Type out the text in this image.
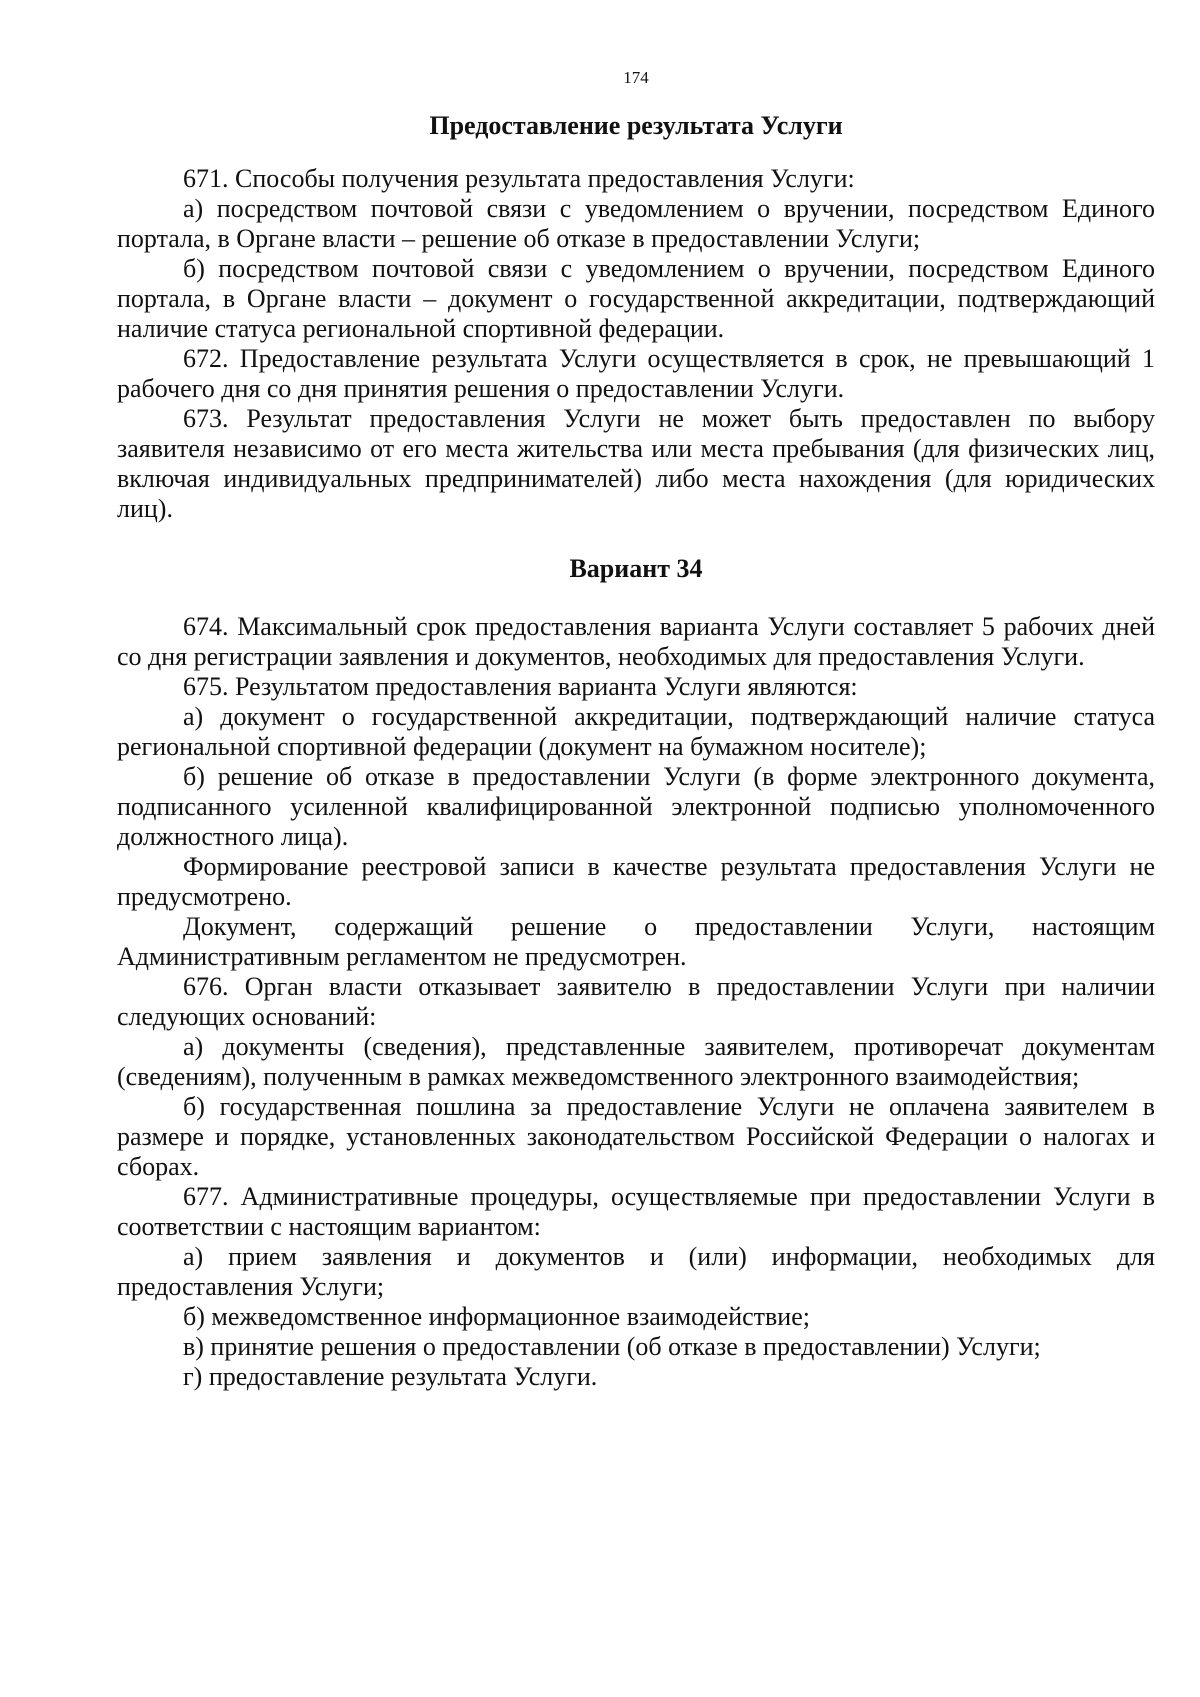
174
Предоставление результата Услуги

671. Способы получения результата предоставления Услуги:

а) посредством почтовой связи с уведомлением о вручении, посредством Единого портала, в Органе власти – решение об отказе в предоставлении Услуги;

б) посредством почтовой связи с уведомлением о вручении, посредством Единого портала, в Органе власти – документ о государственной аккредитации, подтверждающий наличие статуса региональной спортивной федерации.

672. Предоставление результата Услуги осуществляется в срок, не превышающий 1 рабочего дня со дня принятия решения о предоставлении Услуги.

673. Результат предоставления Услуги не может быть предоставлен по выбору заявителя независимо от его места жительства или места пребывания (для физических лиц, включая индивидуальных предпринимателей) либо места нахождения (для юридических лиц).

Вариант 34

674. Максимальный срок предоставления варианта Услуги составляет 5 рабочих дней со дня регистрации заявления и документов, необходимых для предоставления Услуги.

675. Результатом предоставления варианта Услуги являются:

а) документ о государственной аккредитации, подтверждающий наличие статуса региональной спортивной федерации (документ на бумажном носителе);

б) решение об отказе в предоставлении Услуги (в форме электронного документа, подписанного усиленной квалифицированной электронной подписью уполномоченного должностного лица).

Формирование реестровой записи в качестве результата предоставления Услуги не предусмотрено.

Документ, содержащий решение о предоставлении Услуги, настоящим Административным регламентом не предусмотрен.

676. Орган власти отказывает заявителю в предоставлении Услуги при наличии следующих оснований:

а) документы (сведения), представленные заявителем, противоречат документам (сведениям), полученным в рамках межведомственного электронного взаимодействия;

б) государственная пошлина за предоставление Услуги не оплачена заявителем в размере и порядке, установленных законодательством Российской Федерации о налогах и сборах.

677. Административные процедуры, осуществляемые при предоставлении Услуги в соответствии с настоящим вариантом:

а) прием заявления и документов и (или) информации, необходимых для предоставления Услуги;

б) межведомственное информационное взаимодействие;

в) принятие решения о предоставлении (об отказе в предоставлении) Услуги;

г) предоставление результата Услуги.
